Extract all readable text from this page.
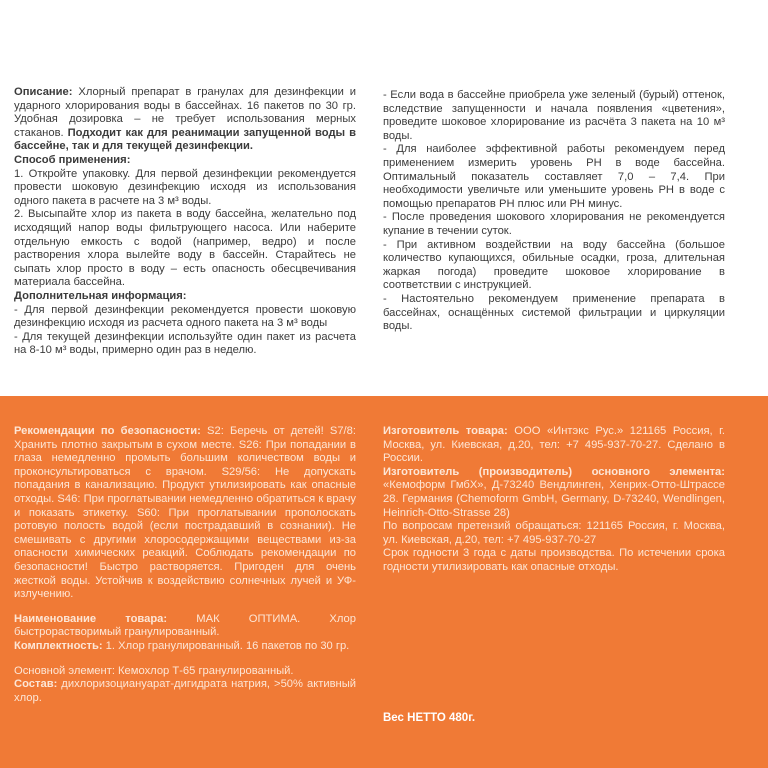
Описание: Хлорный препарат в гранулах для дезинфекции и ударного хлорирования воды в бассейнах. 16 пакетов по 30 гр. Удобная дозировка – не требует использования мерных стаканов. Подходит как для реанимации запущенной воды в бассейне, так и для текущей дезинфекции.

Способ применения:

1. Откройте упаковку. Для первой дезинфекции рекомендуется провести шоковую дезинфекцию исходя из использования одного пакета в расчете на 3 м³ воды.

2. Высыпайте хлор из пакета в воду бассейна, желательно под исходящий напор воды фильтрующего насоса. Или наберите отдельную емкость с водой (например, ведро) и после растворения хлора вылейте воду в бассейн. Старайтесь не сыпать хлор просто в воду – есть опасность обесцвечивания материала бассейна.

Дополнительная информация:

- Для первой дезинфекции рекомендуется провести шоковую дезинфекцию исходя из расчета одного пакета на 3 м³ воды

- Для текущей дезинфекции используйте один пакет из расчета на 8-10 м³ воды, примерно один раз в неделю.

- Если вода в бассейне приобрела уже зеленый (бурый) оттенок, вследствие запущенности и начала появления «цветения», проведите шоковое хлорирование из расчёта 3 пакета на 10 м³ воды.

- Для наиболее эффективной работы рекомендуем перед применением измерить уровень PH в воде бассейна. Оптимальный показатель составляет 7,0 – 7,4. При необходимости увеличьте или уменьшите уровень PH в воде с помощью препаратов PH плюс или PH минус.

- После проведения шокового хлорирования не рекомендуется купание в течении суток.

- При активном воздействии на воду бассейна (большое количество купающихся, обильные осадки, гроза, длительная жаркая погода) проведите шоковое хлорирование в соответствии с инструкцией.

- Настоятельно рекомендуем применение препарата в бассейнах, оснащённых системой фильтрации и циркуляции воды.

Рекомендации по безопасности: S2: Беречь от детей! S7/8: Хранить плотно закрытым в сухом месте. S26: При попадании в глаза немедленно промыть большим количеством воды и проконсультироваться с врачом. S29/56: Не допускать попадания в канализацию. Продукт утилизировать как опасные отходы. S46: При проглатывании немедленно обратиться к врачу и показать этикетку. S60: При проглатывании прополоскать ротовую полость водой (если пострадавший в сознании). Не смешивать с другими хлоросодержащими веществами из-за опасности химических реакций. Соблюдать рекомендации по безопасности! Быстро растворяется. Пригоден для очень жесткой воды. Устойчив к воздействию солнечных лучей и УФ-излучению.

Наименование товара: МАК ОПТИМА. Хлор быстрорастворимый гранулированный.

Комплектность: 1. Хлор гранулированный. 16 пакетов по 30 гр.

Основной элемент: Кемохлор Т-65 гранулированный.

Состав: дихлоризоциануарат-дигидрата натрия, >50% активный хлор.

Изготовитель товара: ООО «Интэкс Рус.» 121165 Россия, г. Москва, ул. Киевская, д.20, тел: +7 495-937-70-27. Сделано в России.

Изготовитель (производитель) основного элемента: «Кемоформ ГмбХ», Д-73240 Вендлинген, Хенрих-Отто-Штрассе 28. Германия (Chemoform GmbH, Germany, D-73240, Wendlingen, Heinrich-Otto-Strasse 28)

По вопросам претензий обращаться: 121165 Россия, г. Москва, ул. Киевская, д.20, тел: +7 495-937-70-27

Срок годности 3 года с даты производства. По истечении срока годности утилизировать как опасные отходы.

Вес НЕТТО 480г.
